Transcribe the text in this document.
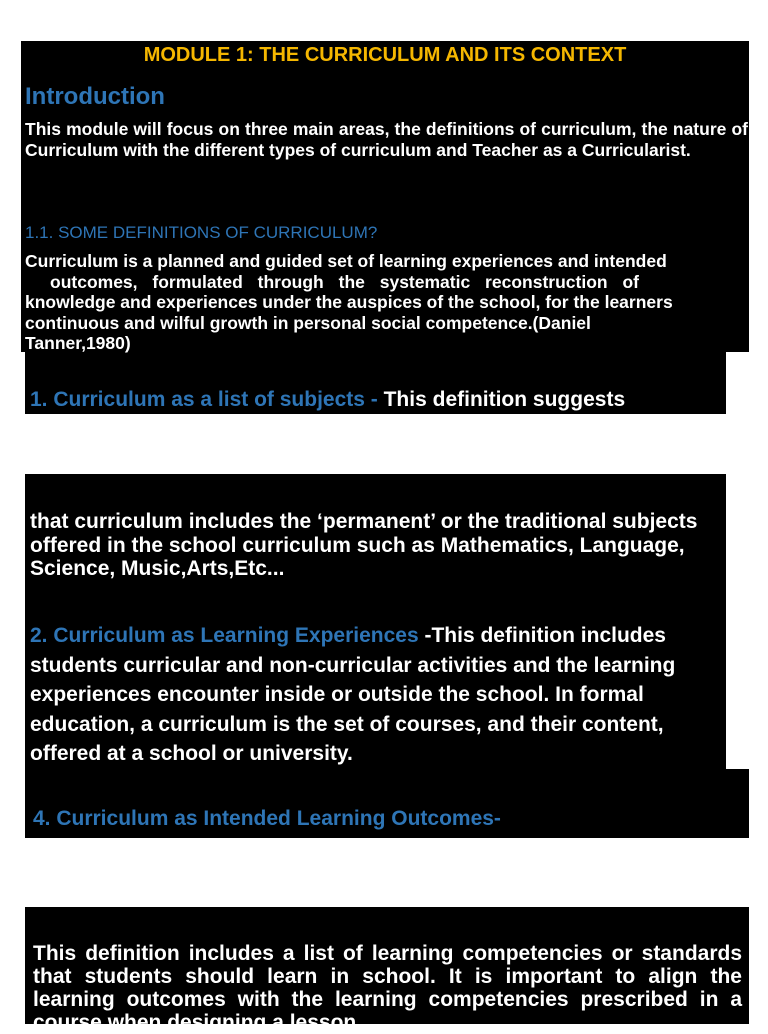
MODULE 1: THE CURRICULUM AND ITS CONTEXT
Introduction
This module will focus on three main areas, the definitions of curriculum, the nature of Curriculum with the different types of curriculum and Teacher as a Curricularist.
1.1. SOME DEFINITIONS OF CURRICULUM?
Curriculum is a planned and guided set of learning experiences and intended
outcomes, formulated through the systematic reconstruction of
knowledge and experiences under the auspices of the school, for the learners
continuous and wilful growth in personal social competence.(Daniel
Tanner,1980)
1. Curriculum as a list of subjects - This definition suggests
that curriculum includes the ‘permanent’ or the traditional subjects offered in the school curriculum such as Mathematics, Language, Science, Music,Arts,Etc...
2. Curriculum as Learning Experiences -This definition includes students curricular and non-curricular activities and the learning experiences encounter inside or outside the school. In formal education, a curriculum is the set of courses, and their content, offered at a school or university.
4. Curriculum as Intended Learning Outcomes-
This definition includes a list of learning competencies or standards that students should learn in school. It is important to align the learning outcomes with the learning competencies prescribed in a course when designing a lesson.
